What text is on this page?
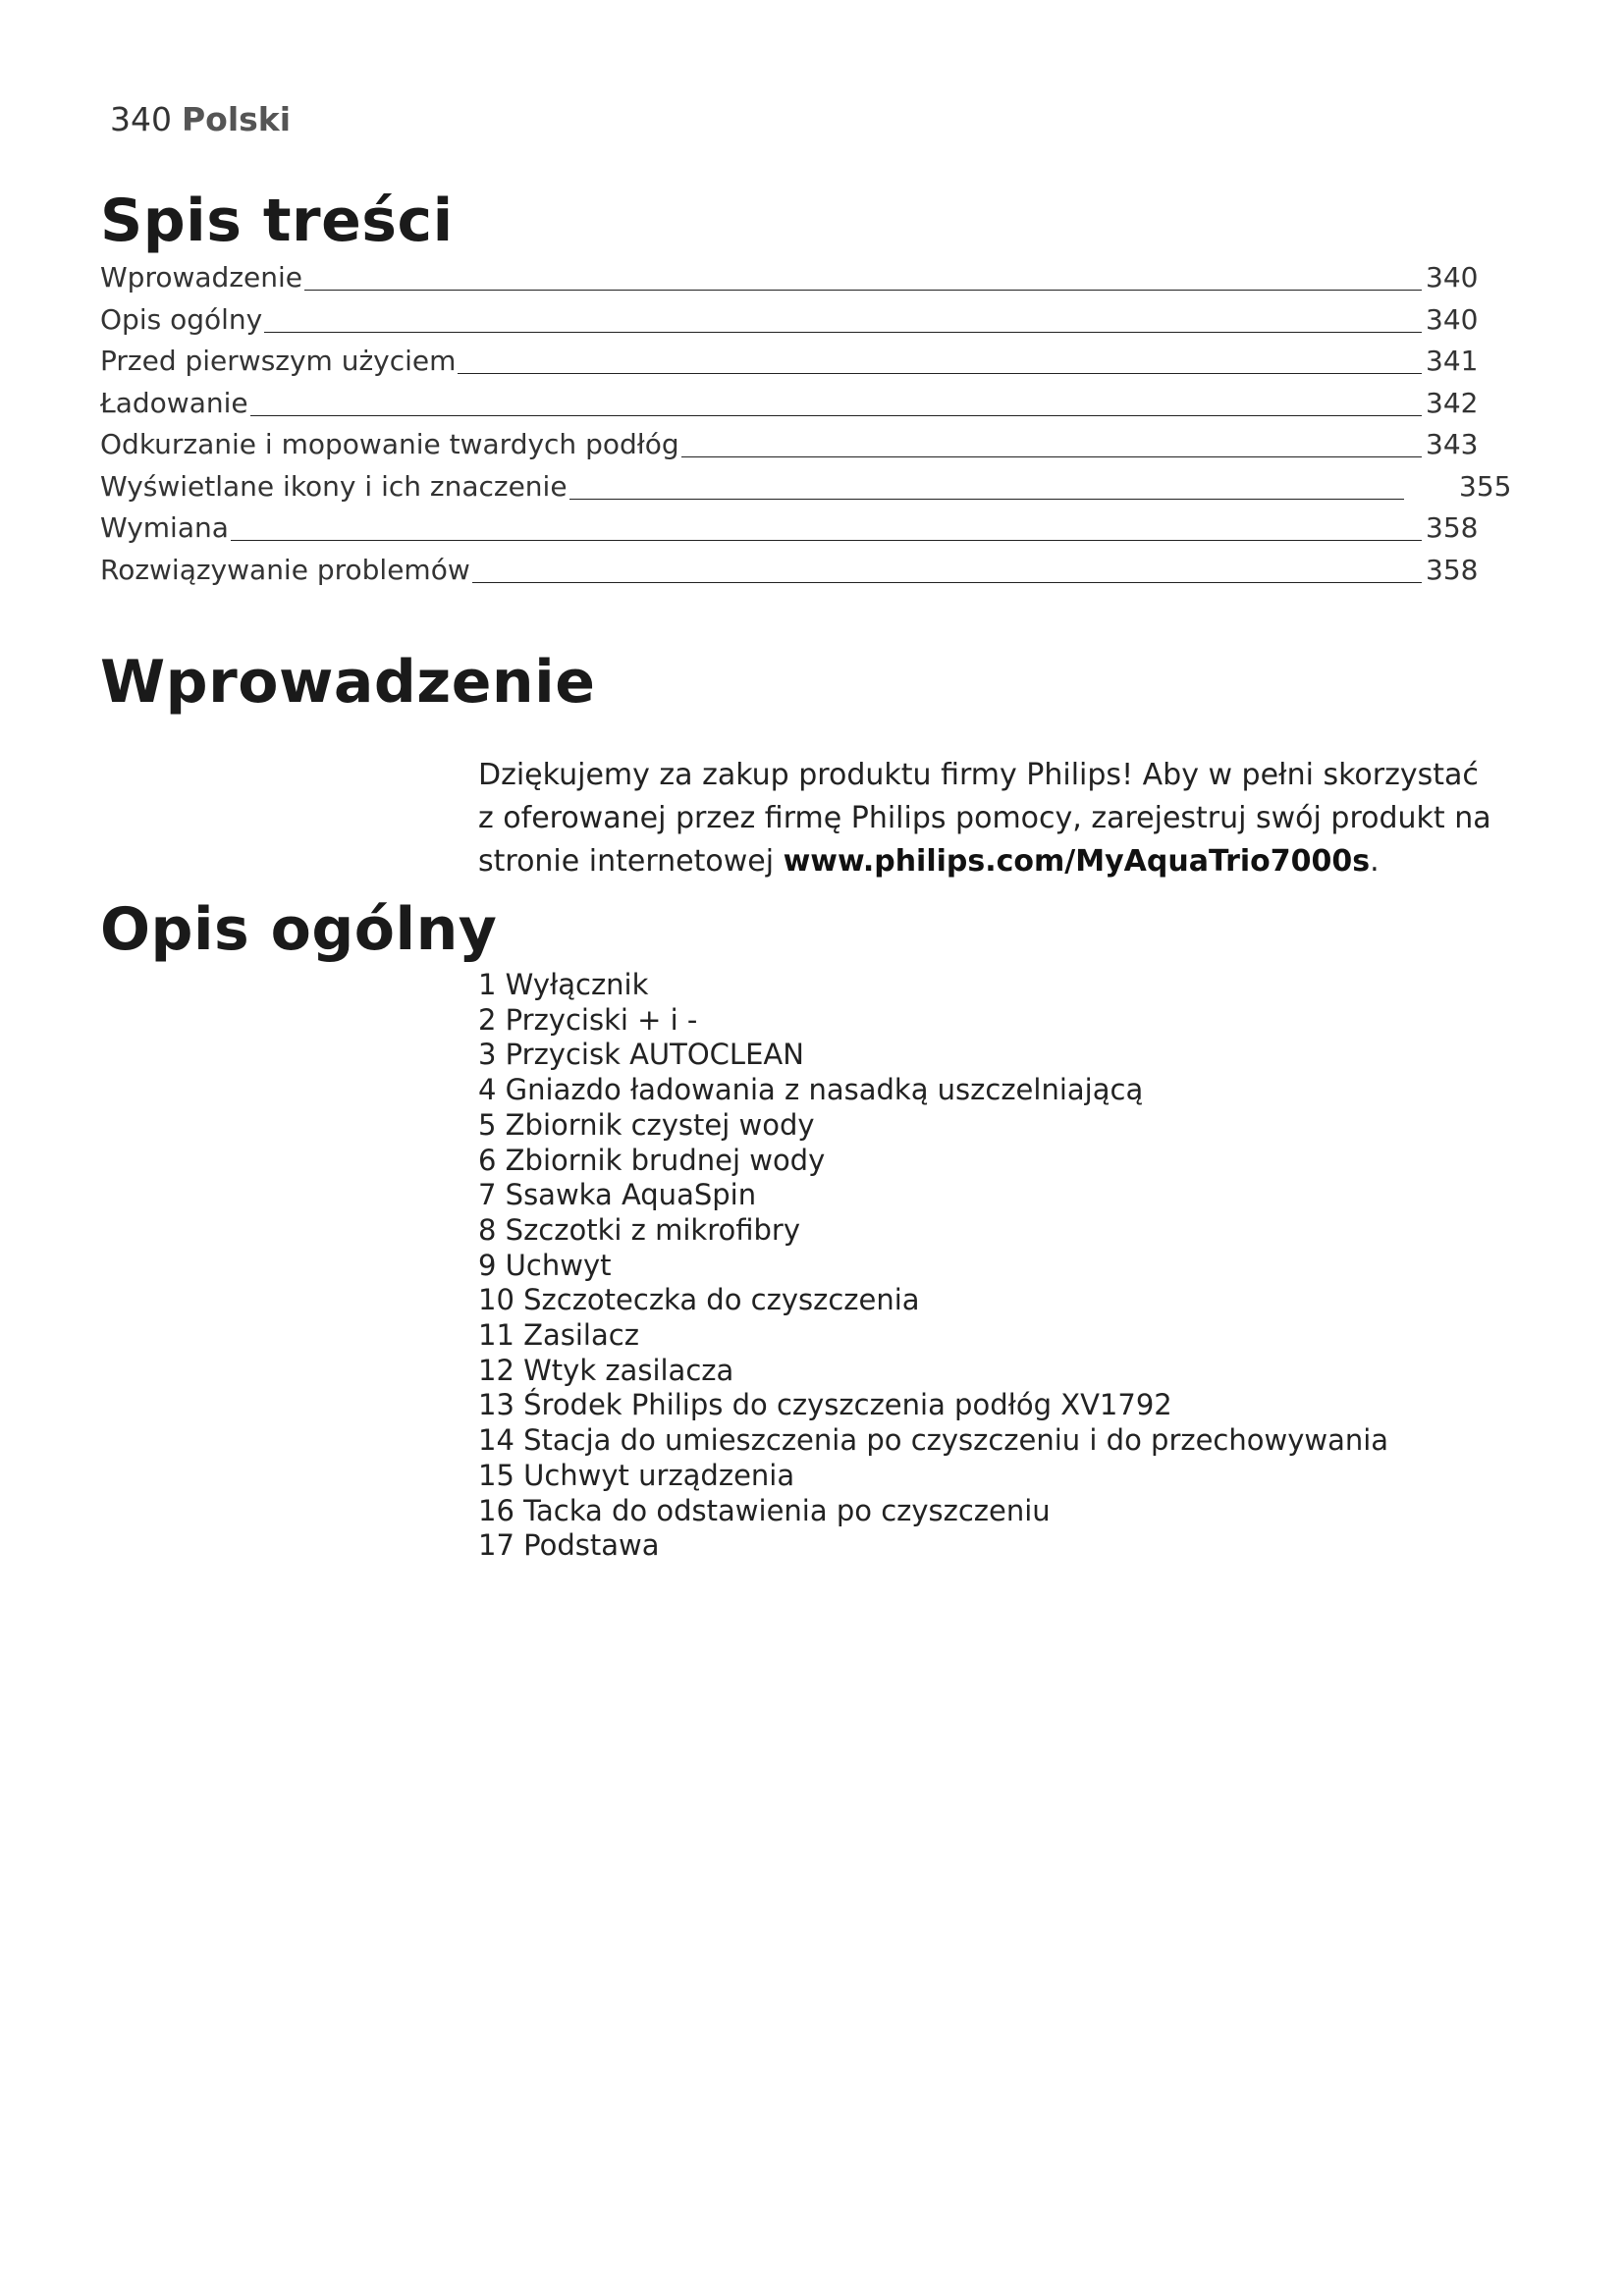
340 Polski
Spis treści
Wprowadzenie	340
Opis ogólny	340
Przed pierwszym użyciem	341
Ładowanie	342
Odkurzanie i mopowanie twardych podłóg	343
Wyświetlane ikony i ich znaczenie	355
Wymiana	358
Rozwiązywanie problemów	358
Wprowadzenie

Dziękujemy za zakup produktu firmy Philips! Aby w pełni skorzystać z oferowanej przez firmę Philips pomocy, zarejestruj swój produkt na stronie internetowej www.philips.com/MyAquaTrio7000s.

Opis ogólny
1 Wyłącznik
2 Przyciski + i -
3 Przycisk AUTOCLEAN
4 Gniazdo ładowania z nasadką uszczelniającą
5 Zbiornik czystej wody
6 Zbiornik brudnej wody
7 Ssawka AquaSpin
8 Szczotki z mikrofibry
9 Uchwyt
10 Szczoteczka do czyszczenia
11 Zasilacz
12 Wtyk zasilacza
13 Środek Philips do czyszczenia podłóg XV1792
14 Stacja do umieszczenia po czyszczeniu i do przechowywania
15 Uchwyt urządzenia
16 Tacka do odstawienia po czyszczeniu
17 Podstawa
